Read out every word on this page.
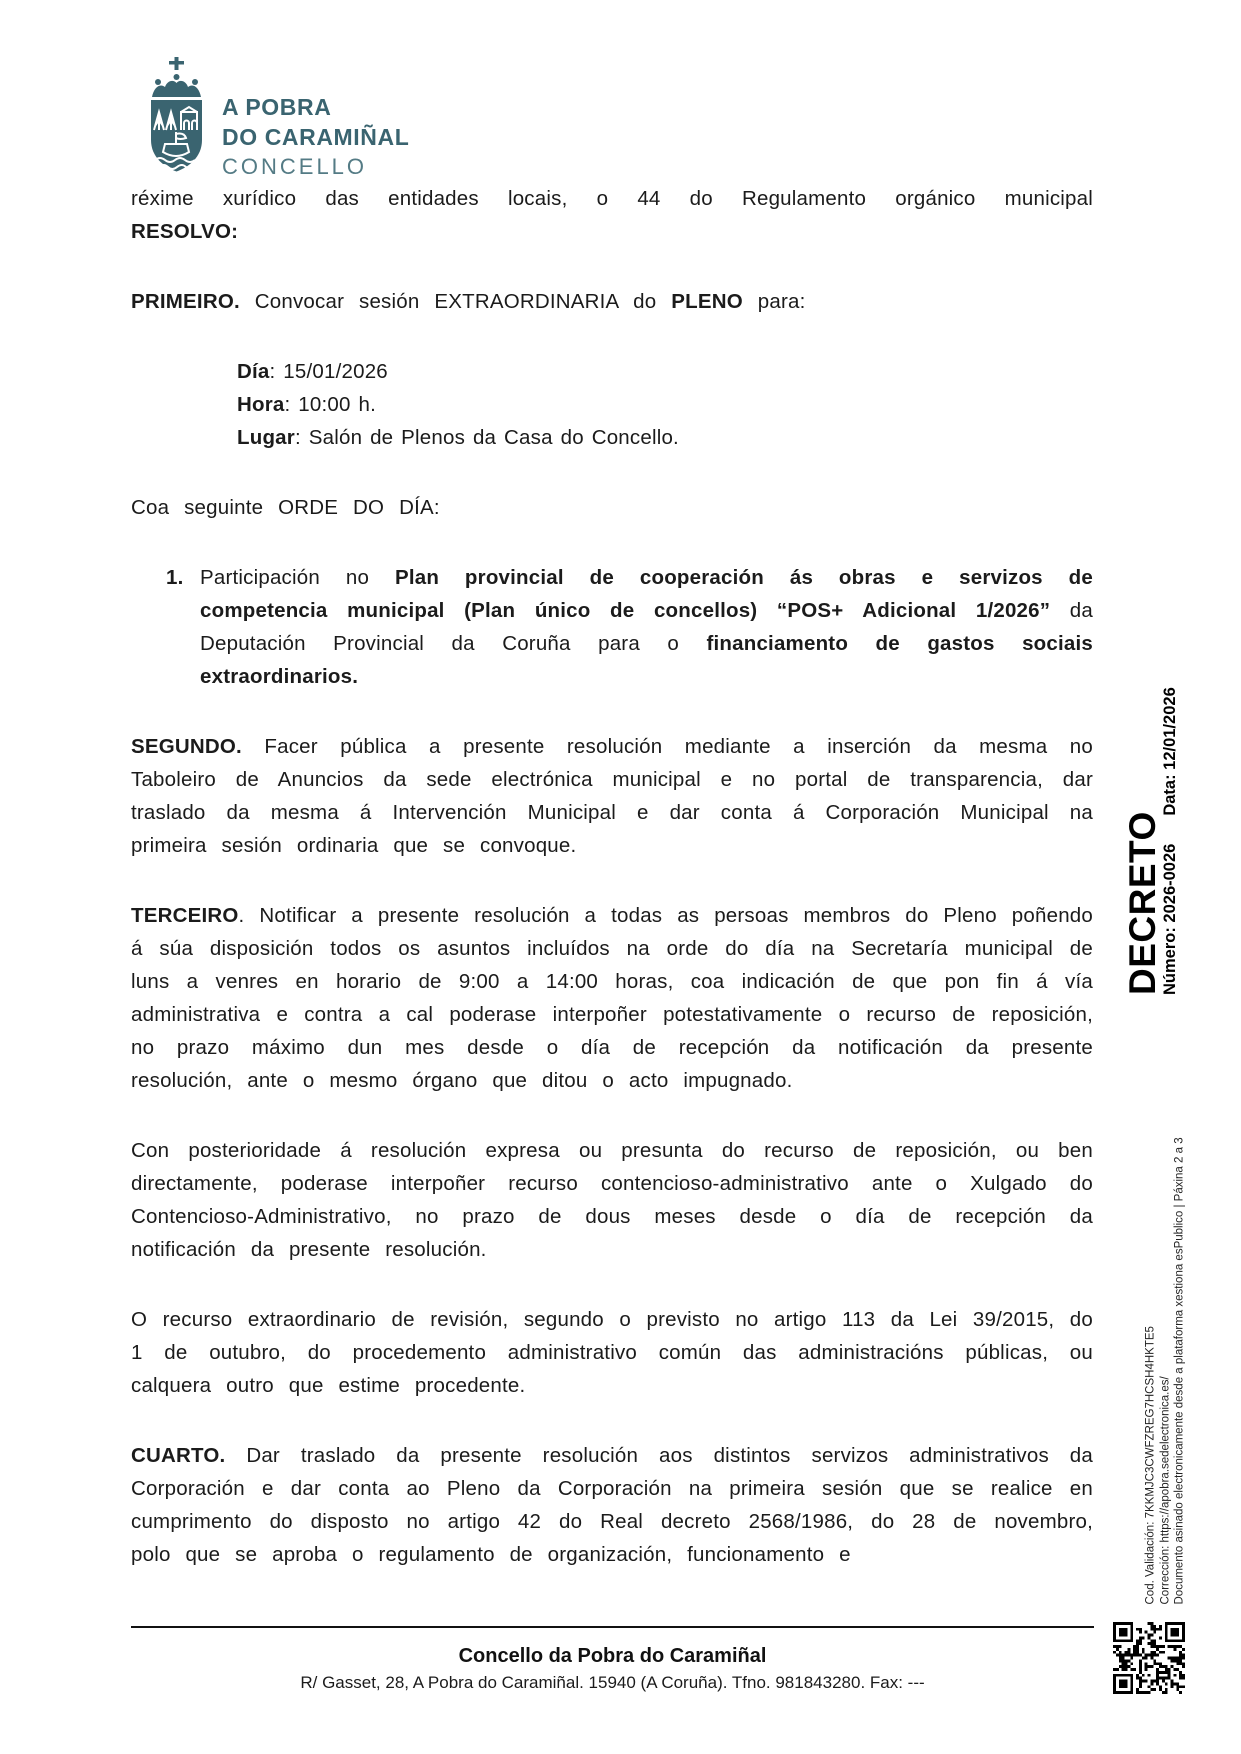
A POBRA
DO CARAMIÑAL
CONCELLO
réxime xurídico das entidades locais, o 44 do Regulamento orgánico municipal
RESOLVO:
PRIMEIRO. Convocar sesión EXTRAORDINARIA do PLENO para:
Día: 15/01/2026
Hora: 10:00 h.
Lugar: Salón de Plenos da Casa do Concello.
Coa seguinte ORDE DO DÍA:
1. Participación no Plan provincial de cooperación ás obras e servizos de competencia municipal (Plan único de concellos) “POS+ Adicional 1/2026” da Deputación Provincial da Coruña para o financiamento de gastos sociais extraordinarios.
SEGUNDO. Facer pública a presente resolución mediante a inserción da mesma no Taboleiro de Anuncios da sede electrónica municipal e no portal de transparencia, dar traslado da mesma á Intervención Municipal e dar conta á Corporación Municipal na primeira sesión ordinaria que se convoque.
TERCEIRO. Notificar a presente resolución a todas as persoas membros do Pleno poñendo á súa disposición todos os asuntos incluídos na orde do día na Secretaría municipal de luns a venres en horario de 9:00 a 14:00 horas, coa indicación de que pon fin á vía administrativa e contra a cal poderase interpoñer potestativamente o recurso de reposición, no prazo máximo dun mes desde o día de recepción da notificación da presente resolución, ante o mesmo órgano que ditou o acto impugnado.
Con posterioridade á resolución expresa ou presunta do recurso de reposición, ou ben directamente, poderase interpoñer recurso contencioso-administrativo ante o Xulgado do Contencioso-Administrativo, no prazo de dous meses desde o día de recepción da notificación da presente resolución.
O recurso extraordinario de revisión, segundo o previsto no artigo 113 da Lei 39/2015, do 1 de outubro, do procedemento administrativo común das administracións públicas, ou calquera outro que estime procedente.
CUARTO. Dar traslado da presente resolución aos distintos servizos administrativos da Corporación e dar conta ao Pleno da Corporación na primeira sesión que se realice en cumprimento do disposto no artigo 42 do Real decreto 2568/1986, do 28 de novembro, polo que se aproba o regulamento de organización, funcionamento e
DECRETO
Número: 2026-0026Data: 12/01/2026
Cod. Validación: 7KKMJC3CWFZREG7HCSH4HKTE5 Corrección: https://apobra.sedelectronica.es/ Documento asinado electronicamente desde a plataforma xestiona esPublico | Páxina 2 a 3
Concello da Pobra do Caramiñal
R/ Gasset, 28, A Pobra do Caramiñal. 15940 (A Coruña). Tfno. 981843280. Fax: ---
